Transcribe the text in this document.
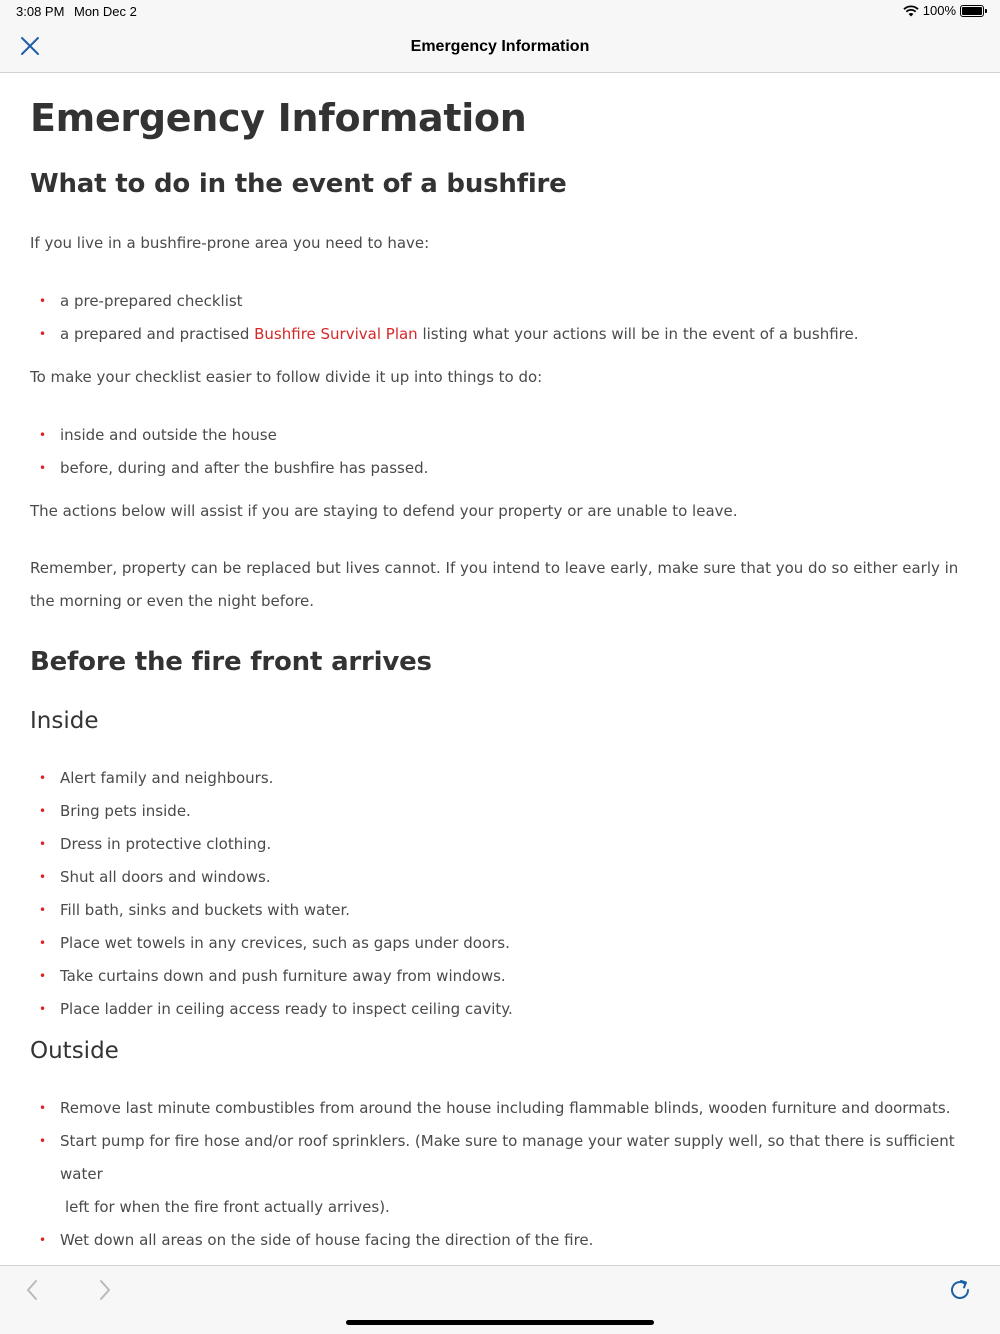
3:08 PM Mon Dec 2	100%
Emergency Information
Emergency Information
What to do in the event of a bushfire

If you live in a bushfire-prone area you need to have:

• a pre-prepared checklist
• a prepared and practised Bushfire Survival Plan listing what your actions will be in the event of a bushfire.

To make your checklist easier to follow divide it up into things to do:

• inside and outside the house
• before, during and after the bushfire has passed.

The actions below will assist if you are staying to defend your property or are unable to leave.

Remember, property can be replaced but lives cannot. If you intend to leave early, make sure that you do so either early in the morning or even the night before.

Before the fire front arrives
Inside
• Alert family and neighbours.
• Bring pets inside.
• Dress in protective clothing.
• Shut all doors and windows.
• Fill bath, sinks and buckets with water.
• Place wet towels in any crevices, such as gaps under doors.
• Take curtains down and push furniture away from windows.
• Place ladder in ceiling access ready to inspect ceiling cavity.
Outside
• Remove last minute combustibles from around the house including flammable blinds, wooden furniture and doormats.
• Start pump for fire hose and/or roof sprinklers. (Make sure to manage your water supply well, so that there is sufficient water
left for when the fire front actually arrives).
• Wet down all areas on the side of house facing the direction of the fire.
